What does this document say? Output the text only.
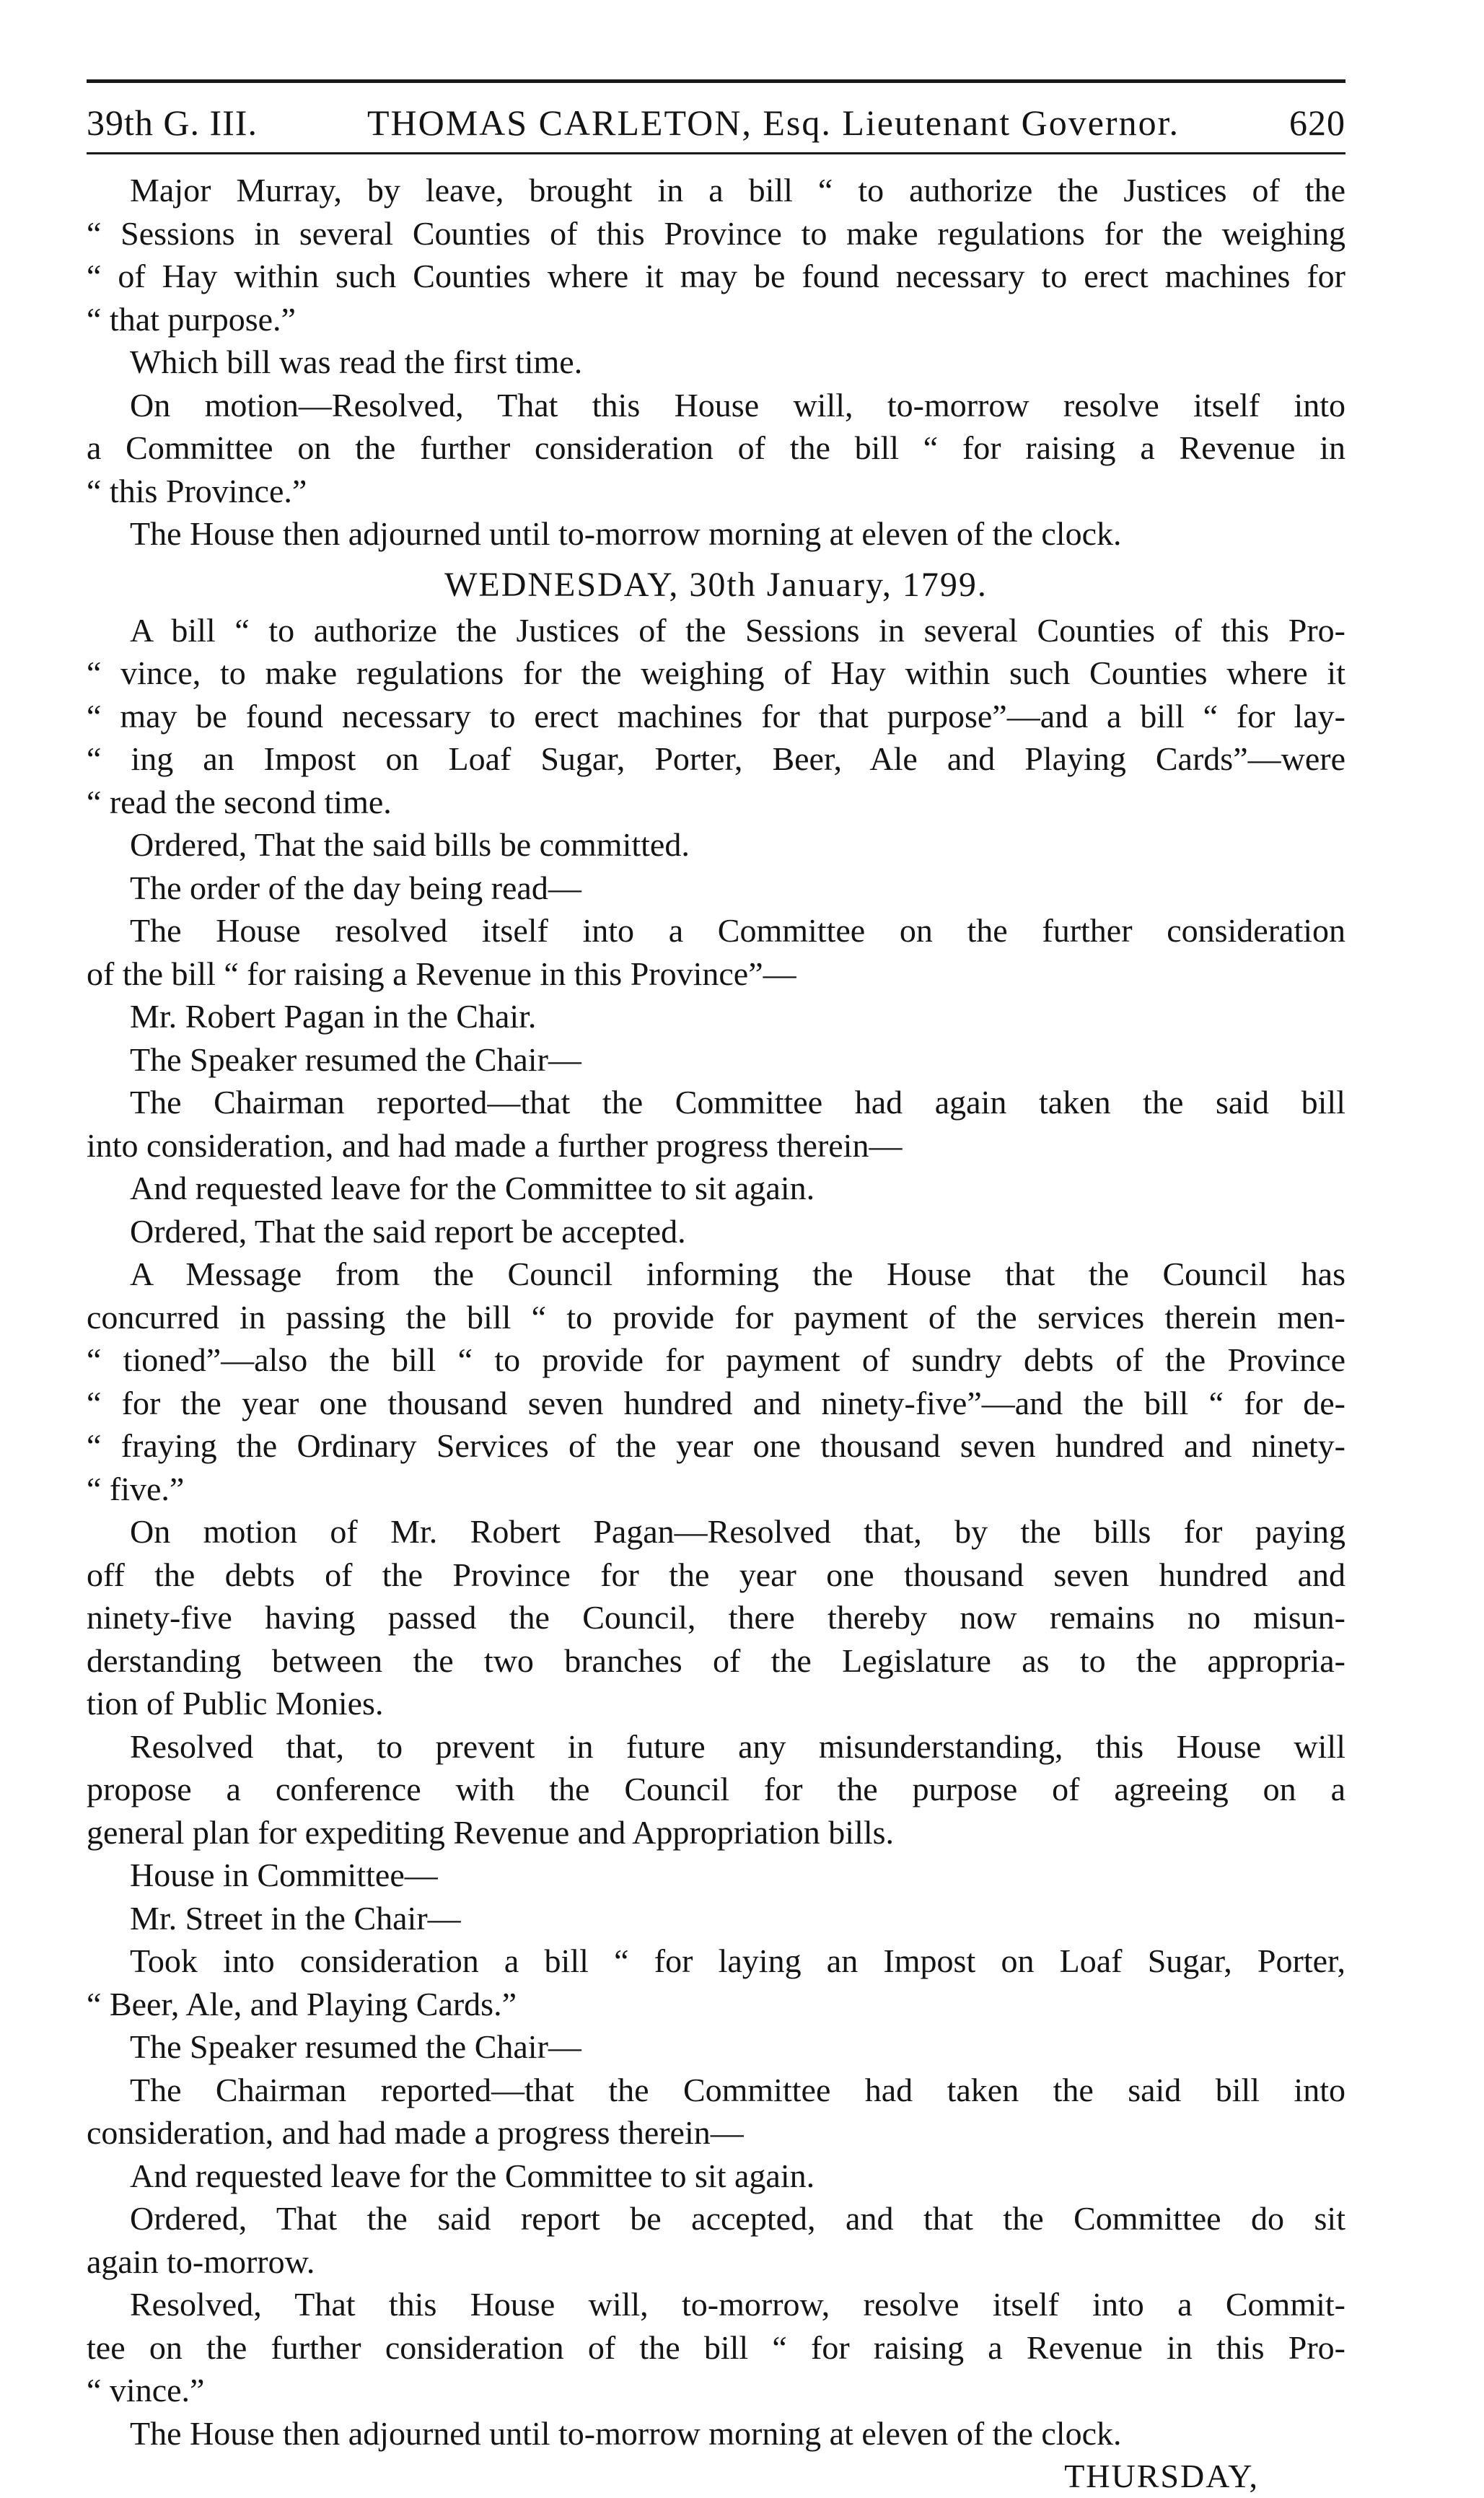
39th G. III.	THOMAS CARLETON, Esq. Lieutenant Governor.	620
Major Murray, by leave, brought in a bill “ to authorize the Justices of the
“ Sessions in several Counties of this Province to make regulations for the weighing
“ of Hay within such Counties where it may be found necessary to erect machines for
“ that purpose.”
Which bill was read the first time.
On motion—Resolved, That this House will, to-morrow resolve itself into
a Committee on the further consideration of the bill “ for raising a Revenue in
“ this Province.”
The House then adjourned until to-morrow morning at eleven of the clock.
WEDNESDAY, 30th January, 1799.
A bill “ to authorize the Justices of the Sessions in several Counties of this Pro-
“ vince, to make regulations for the weighing of Hay within such Counties where it
“ may be found necessary to erect machines for that purpose”—and a bill “ for lay-
“ ing an Impost on Loaf Sugar, Porter, Beer, Ale and Playing Cards”—were
“ read the second time.
Ordered, That the said bills be committed.
The order of the day being read—
The House resolved itself into a Committee on the further consideration
of the bill “ for raising a Revenue in this Province”—
Mr. Robert Pagan in the Chair.
The Speaker resumed the Chair—
The Chairman reported—that the Committee had again taken the said bill
into consideration, and had made a further progress therein—
And requested leave for the Committee to sit again.
Ordered, That the said report be accepted.
A Message from the Council informing the House that the Council has
concurred in passing the bill “ to provide for payment of the services therein men-
“ tioned”—also the bill “ to provide for payment of sundry debts of the Province
“ for the year one thousand seven hundred and ninety-five”—and the bill “ for de-
“ fraying the Ordinary Services of the year one thousand seven hundred and ninety-
“ five.”
On motion of Mr. Robert Pagan—Resolved that, by the bills for paying
off the debts of the Province for the year one thousand seven hundred and
ninety-five having passed the Council, there thereby now remains no misun-
derstanding between the two branches of the Legislature as to the appropria-
tion of Public Monies.
Resolved that, to prevent in future any misunderstanding, this House will
propose a conference with the Council for the purpose of agreeing on a
general plan for expediting Revenue and Appropriation bills.
House in Committee—
Mr. Street in the Chair—
Took into consideration a bill “ for laying an Impost on Loaf Sugar, Porter,
“ Beer, Ale, and Playing Cards.”
The Speaker resumed the Chair—
The Chairman reported—that the Committee had taken the said bill into
consideration, and had made a progress therein—
And requested leave for the Committee to sit again.
Ordered, That the said report be accepted, and that the Committee do sit
again to-morrow.
Resolved, That this House will, to-morrow, resolve itself into a Commit-
tee on the further consideration of the bill “ for raising a Revenue in this Pro-
“ vince.”
The House then adjourned until to-morrow morning at eleven of the clock.
THURSDAY,
